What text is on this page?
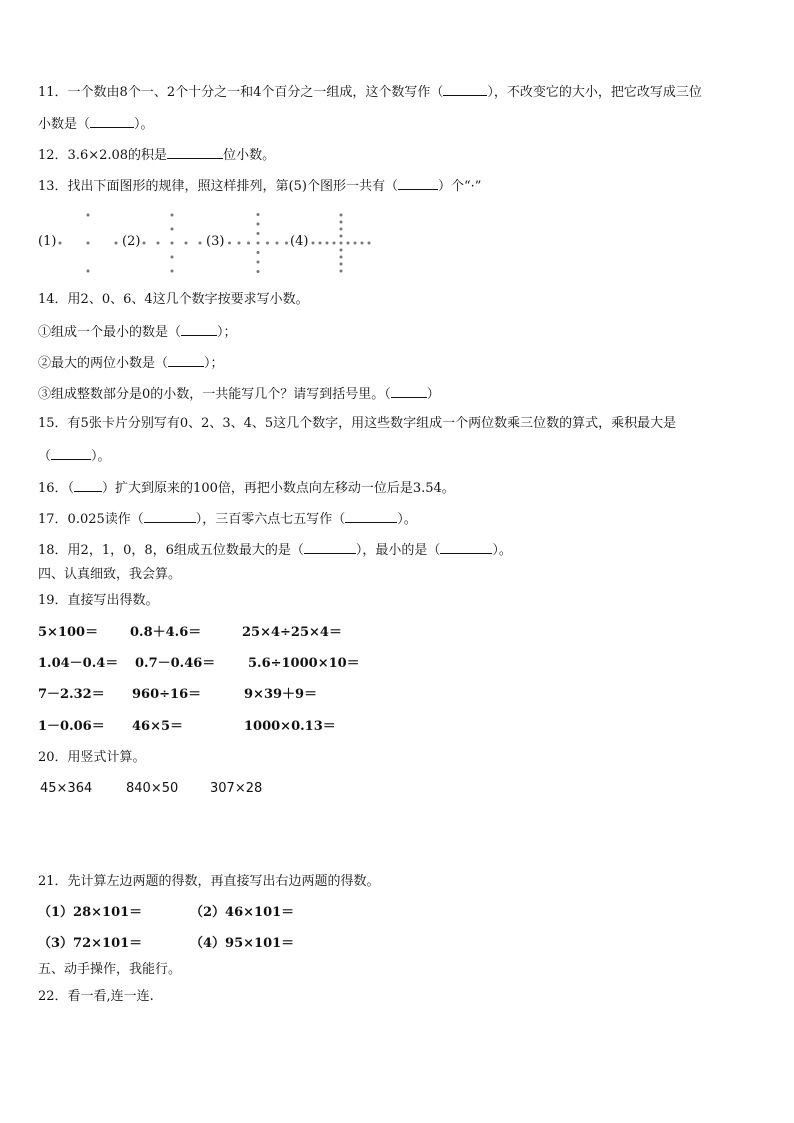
11．一个数由8个一、2个十分之一和4个百分之一组成，这个数写作（	），不改变它的大小，把它改写成三位
小数是（	）。
12．3.6×2.08的积是	位小数。
13．找出下面图形的规律，照这样排列，第(5)个图形一共有（	）个“·”
(1)	(2)	(3)	(4)
14．用2、0、6、4这几个数字按要求写小数。
①组成一个最小的数是（	）；
②最大的两位小数是（	）；
③组成整数部分是0的小数，一共能写几个？请写到括号里。（	）
15．有5张卡片分别写有0、2、3、4、5这几个数字，用这些数字组成一个两位数乘三位数的算式，乘积最大是
（	）。
16．（ ）扩大到原来的100倍，再把小数点向左移动一位后是3.54。
17．0.025读作（	），三百零六点七五写作（	）。
18．用2，1，0，8，6组成五位数最大的是（	），最小的是（	）。
四、认真细致，我会算。
19．直接写出得数。
5×100＝ 0.8＋4.6＝	25×4÷25×4＝
1.04－0.4＝ 0.7－0.46＝	5.6÷1000×10＝
7－2.32＝ 960÷16＝	9×39＋9＝
1－0.06＝ 46×5＝	1000×0.13＝
20．用竖式计算。
45×364	840×50 307×28
21．先计算左边两题的得数，再直接写出右边两题的得数。
（1）28×101＝	（2）46×101＝
（3）72×101＝	（4）95×101＝
五、动手操作，我能行。
22．看一看,连一连.
